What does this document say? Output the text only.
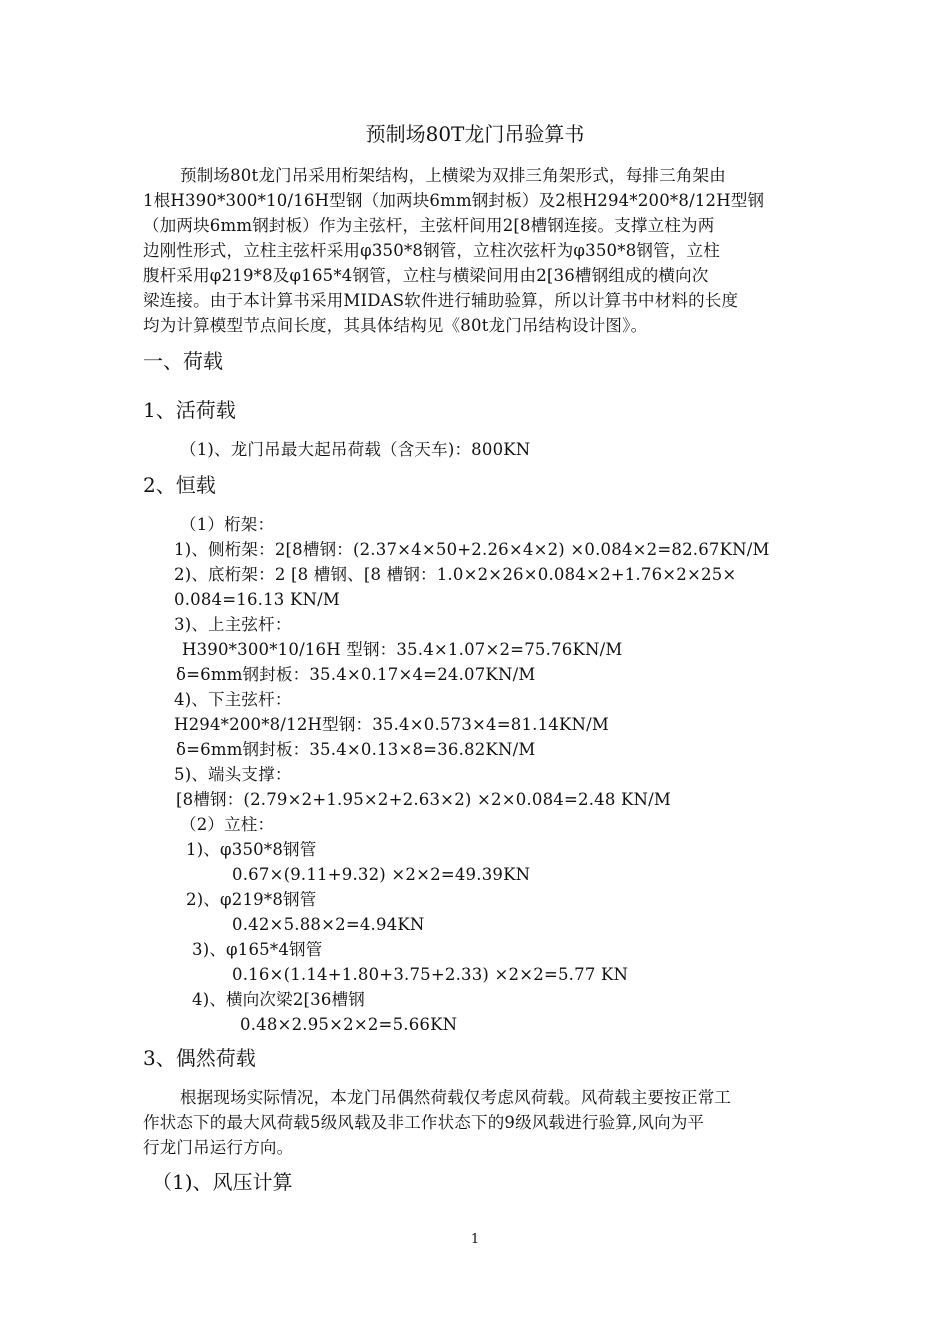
预制场80T龙门吊验算书
预制场80t龙门吊采用桁架结构，上横梁为双排三角架形式，每排三角架由
1根H390*300*10/16H型钢（加两块6mm钢封板）及2根H294*200*8/12H型钢
（加两块6mm钢封板）作为主弦杆，主弦杆间用2[8槽钢连接。支撑立柱为两
边刚性形式，立柱主弦杆采用φ350*8钢管，立柱次弦杆为φ350*8钢管，立柱
腹杆采用φ219*8及φ165*4钢管，立柱与横梁间用由2[36槽钢组成的横向次
梁连接。由于本计算书采用MIDAS软件进行辅助验算，所以计算书中材料的长度
均为计算模型节点间长度，其具体结构见《80t龙门吊结构设计图》。
一、荷载
1、活荷载
（1)、龙门吊最大起吊荷载（含天车)：800KN
2、恒载
（1）桁架：
1)、侧桁架：2[8槽钢：(2.37×4×50+2.26×4×2) ×0.084×2=82.67KN/M
2)、底桁架：2 [8 槽钢、[8 槽钢：1.0×2×26×0.084×2+1.76×2×25×
0.084=16.13 KN/M
3)、上主弦杆：
H390*300*10/16H 型钢：35.4×1.07×2=75.76KN/M
δ=6mm钢封板：35.4×0.17×4=24.07KN/M
4)、下主弦杆：
H294*200*8/12H型钢：35.4×0.573×4=81.14KN/M
δ=6mm钢封板：35.4×0.13×8=36.82KN/M
5)、端头支撑：
[8槽钢：(2.79×2+1.95×2+2.63×2) ×2×0.084=2.48 KN/M
（2）立柱：
1)、φ350*8钢管
0.67×(9.11+9.32) ×2×2=49.39KN
2)、φ219*8钢管
0.42×5.88×2=4.94KN
3)、φ165*4钢管
0.16×(1.14+1.80+3.75+2.33) ×2×2=5.77 KN
4)、横向次梁2[36槽钢
0.48×2.95×2×2=5.66KN
3、偶然荷载
根据现场实际情况，本龙门吊偶然荷载仅考虑风荷载。风荷载主要按正常工
作状态下的最大风荷载5级风载及非工作状态下的9级风载进行验算,风向为平
行龙门吊运行方向。
（1)、风压计算
1
